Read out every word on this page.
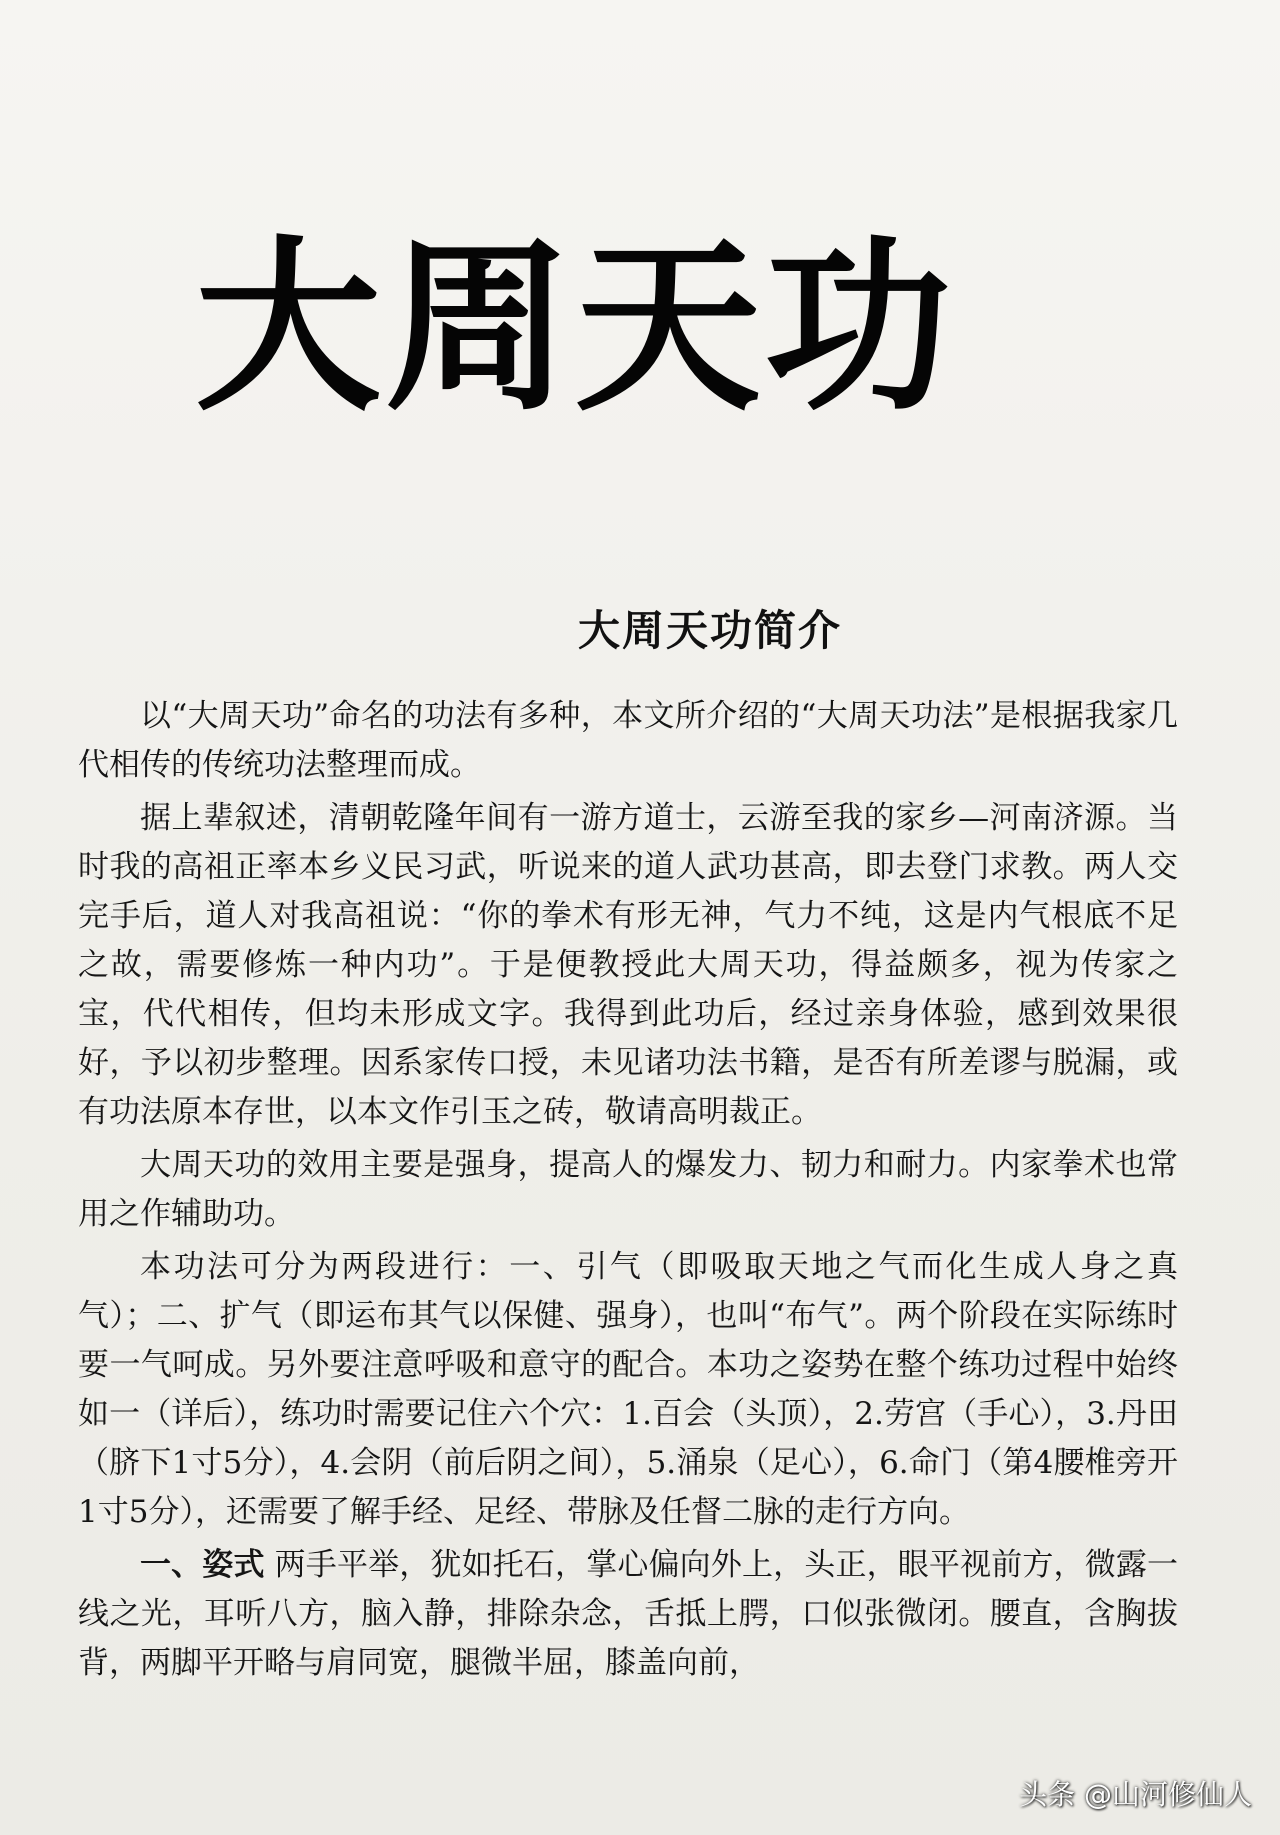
大周天功
大周天功简介

以“大周天功”命名的功法有多种，本文所介绍的“大周天功法”是根据我家几代相传的传统功法整理而成。

据上辈叙述，清朝乾隆年间有一游方道士，云游至我的家乡—河南济源。当时我的高祖正率本乡义民习武，听说来的道人武功甚高，即去登门求教。两人交完手后，道人对我高祖说：“你的拳术有形无神，气力不纯，这是内气根底不足之故，需要修炼一种内功”。于是便教授此大周天功，得益颇多，视为传家之宝，代代相传，但均未形成文字。我得到此功后，经过亲身体验，感到效果很好，予以初步整理。因系家传口授，未见诸功法书籍，是否有所差谬与脱漏，或有功法原本存世，以本文作引玉之砖，敬请高明裁正。

大周天功的效用主要是强身，提高人的爆发力、韧力和耐力。内家拳术也常用之作辅助功。

本功法可分为两段进行：一、引气（即吸取天地之气而化生成人身之真气）；二、扩气（即运布其气以保健、强身），也叫“布气”。两个阶段在实际练时要一气呵成。另外要注意呼吸和意守的配合。本功之姿势在整个练功过程中始终如一（详后），练功时需要记住六个穴：1.百会（头顶），2.劳宫（手心），3.丹田（脐下1寸5分），4.会阴（前后阴之间），5.涌泉（足心），6.命门（第4腰椎旁开1寸5分），还需要了解手经、足经、带脉及任督二脉的走行方向。

一、姿式 两手平举，犹如托石，掌心偏向外上，头正，眼平视前方，微露一线之光，耳听八方，脑入静，排除杂念，舌抵上腭，口似张微闭。腰直，含胸拔背，两脚平开略与肩同宽，腿微半屈，膝盖向前，

头条 @山河修仙人
